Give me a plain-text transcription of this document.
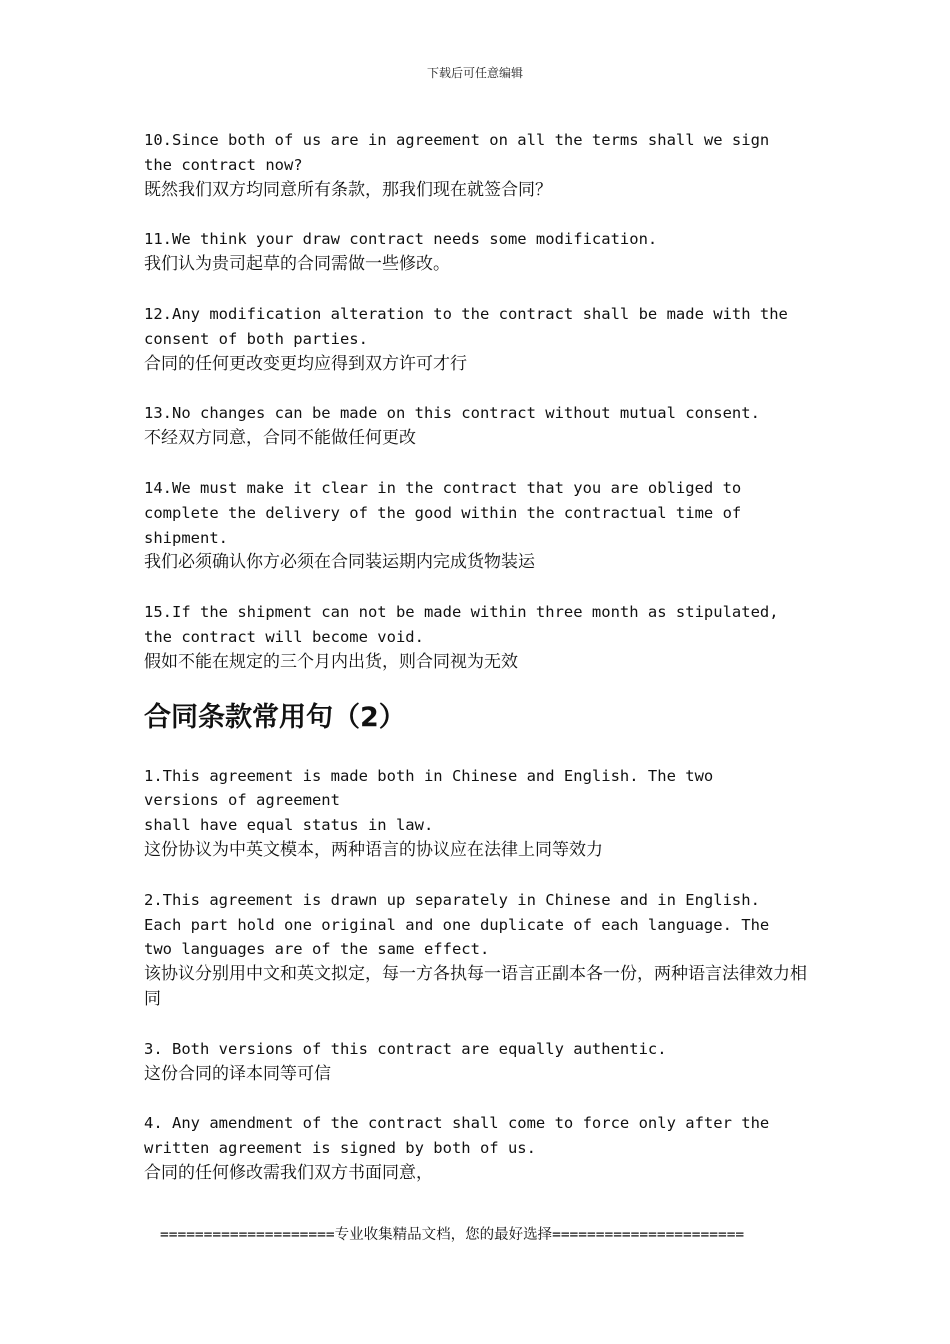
下载后可任意编辑
10.Since both of us are in agreement on all the terms shall we sign
the contract now?
既然我们双方均同意所有条款，那我们现在就签合同？
11.We think your draw contract needs some modification.
我们认为贵司起草的合同需做一些修改。
12.Any modification alteration to the contract shall be made with the
consent of both parties.
合同的任何更改变更均应得到双方许可才行
13.No changes can be made on this contract without mutual consent.
不经双方同意，合同不能做任何更改
14.We must make it clear in the contract that you are obliged to
complete the delivery of the good within the contractual time of
shipment.
我们必须确认你方必须在合同装运期内完成货物装运
15.If the shipment can not be made within three month as stipulated,
the contract will become void.
假如不能在规定的三个月内出货，则合同视为无效
合同条款常用句（2）
1.This agreement is made both in Chinese and English. The two
versions of agreement
shall have equal status in law.
这份协议为中英文模本，两种语言的协议应在法律上同等效力
2.This agreement is drawn up separately in Chinese and in English.
Each part hold one original and one duplicate of each language. The
two languages are of the same effect.
该协议分别用中文和英文拟定，每一方各执每一语言正副本各一份，两种语言法律效力相同
3. Both versions of this contract are equally authentic.
这份合同的译本同等可信
4. Any amendment of the contract shall come to force only after the
written agreement is signed by both of us.
合同的任何修改需我们双方书面同意，
====================专业收集精品文档，您的最好选择======================
